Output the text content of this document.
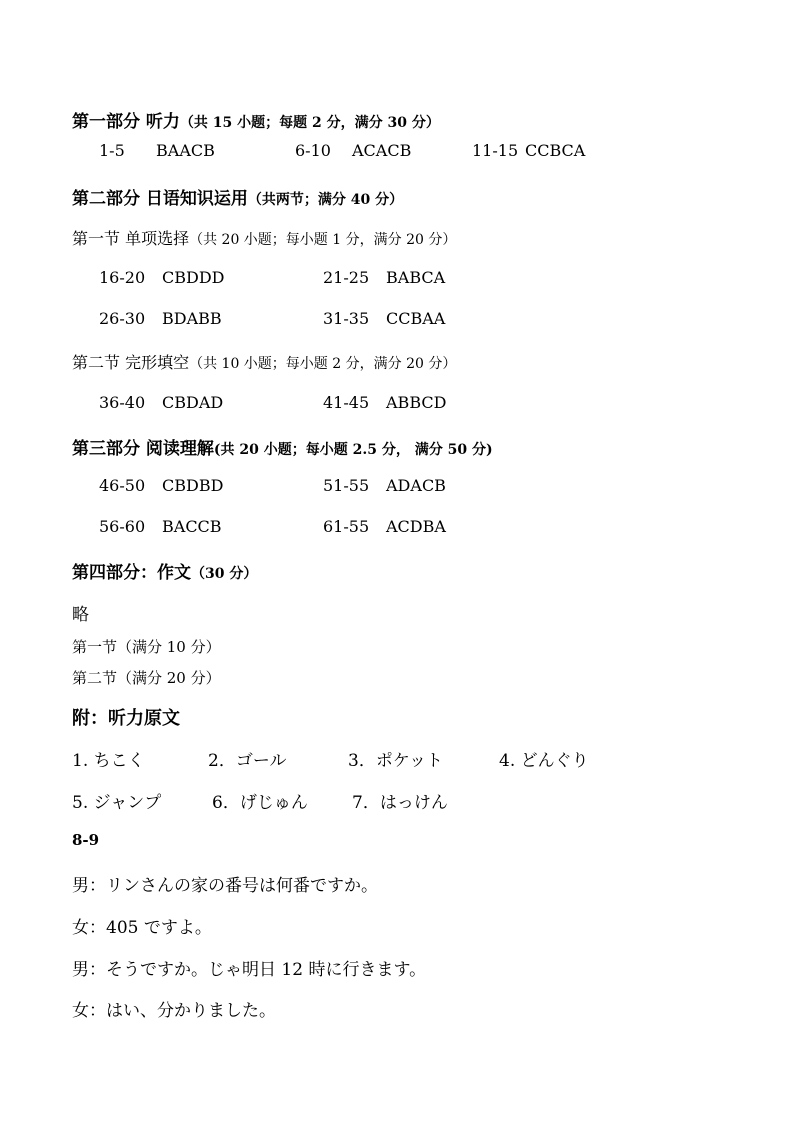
第一部分 听力（共 15 小题；每题 2 分，满分 30 分）
1-5 BAACB	6-10 ACACB	11-15 CCBCA
第二部分 日语知识运用（共两节；满分 40 分）
第一节 单项选择（共 20 小题；每小题 1 分，满分 20 分）
16-20 CBDDD	21-25 BABCA
26-30 BDABB	31-35 CCBAA
第二节 完形填空（共 10 小题；每小题 2 分，满分 20 分）
36-40 CBDAD	41-45 ABBCD
第三部分 阅读理解(共 20 小题；每小题 2.5 分， 满分 50 分)
46-50 CBDBD	51-55 ADACB
56-60 BACCB	61-55 ACDBA
第四部分：作文（30 分）
略
第一节（满分 10 分）
第二节（满分 20 分）
附：听力原文
1. ちこく	2．ゴール	3．ポケット	4. どんぐり
5. ジャンプ	6．げじゅん	7．はっけん
8-9
男：リンさんの家の番号は何番ですか。
女：405 ですよ。
男：そうですか。じゃ明日 12 時に行きます。
女：はい、分かりました。
